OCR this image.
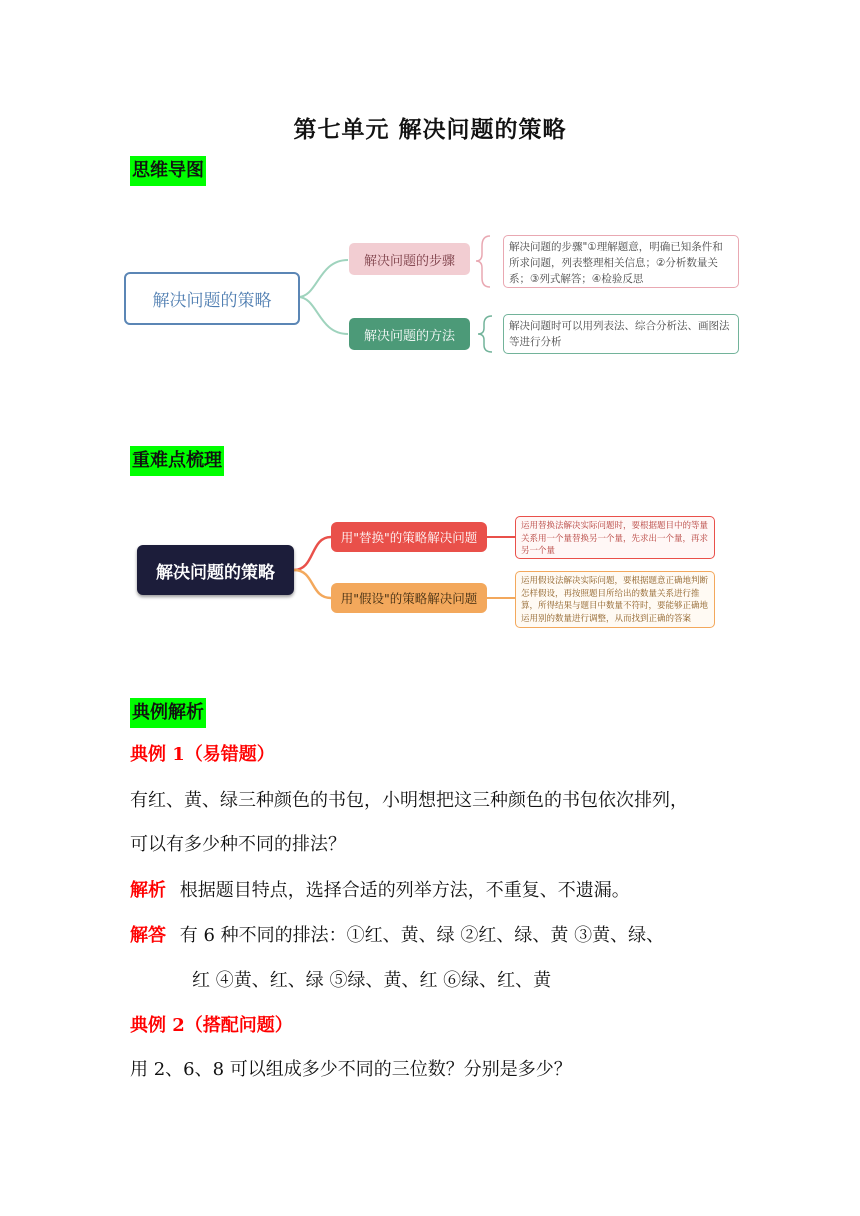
第七单元 解决问题的策略
思维导图
解决问题的策略
解决问题的步骤
解决问题的方法
解决问题的步骤"①理解题意，明确已知条件和所求问题，列表整理相关信息；②分析数量关系；③列式解答；④检验反思
解决问题时可以用列表法、综合分析法、画图法等进行分析
重难点梳理
解决问题的策略
用"替换"的策略解决问题
用"假设"的策略解决问题
运用替换法解决实际问题时，要根据题目中的等量关系用一个量替换另一个量，先求出一个量，再求另一个量
运用假设法解决实际问题，要根据题意正确地判断怎样假设，再按照题目所给出的数量关系进行推算，所得结果与题目中数量不符时，要能够正确地运用别的数量进行调整，从而找到正确的答案
典例解析
典例 1（易错题）
有红、黄、绿三种颜色的书包，小明想把这三种颜色的书包依次排列，
可以有多少种不同的排法？
解析 根据题目特点，选择合适的列举方法，不重复、不遗漏。
解答 有 6 种不同的排法：①红、黄、绿 ②红、绿、黄 ③黄、绿、
红 ④黄、红、绿 ⑤绿、黄、红 ⑥绿、红、黄
典例 2（搭配问题）
用 2、6、8 可以组成多少不同的三位数？分别是多少？
